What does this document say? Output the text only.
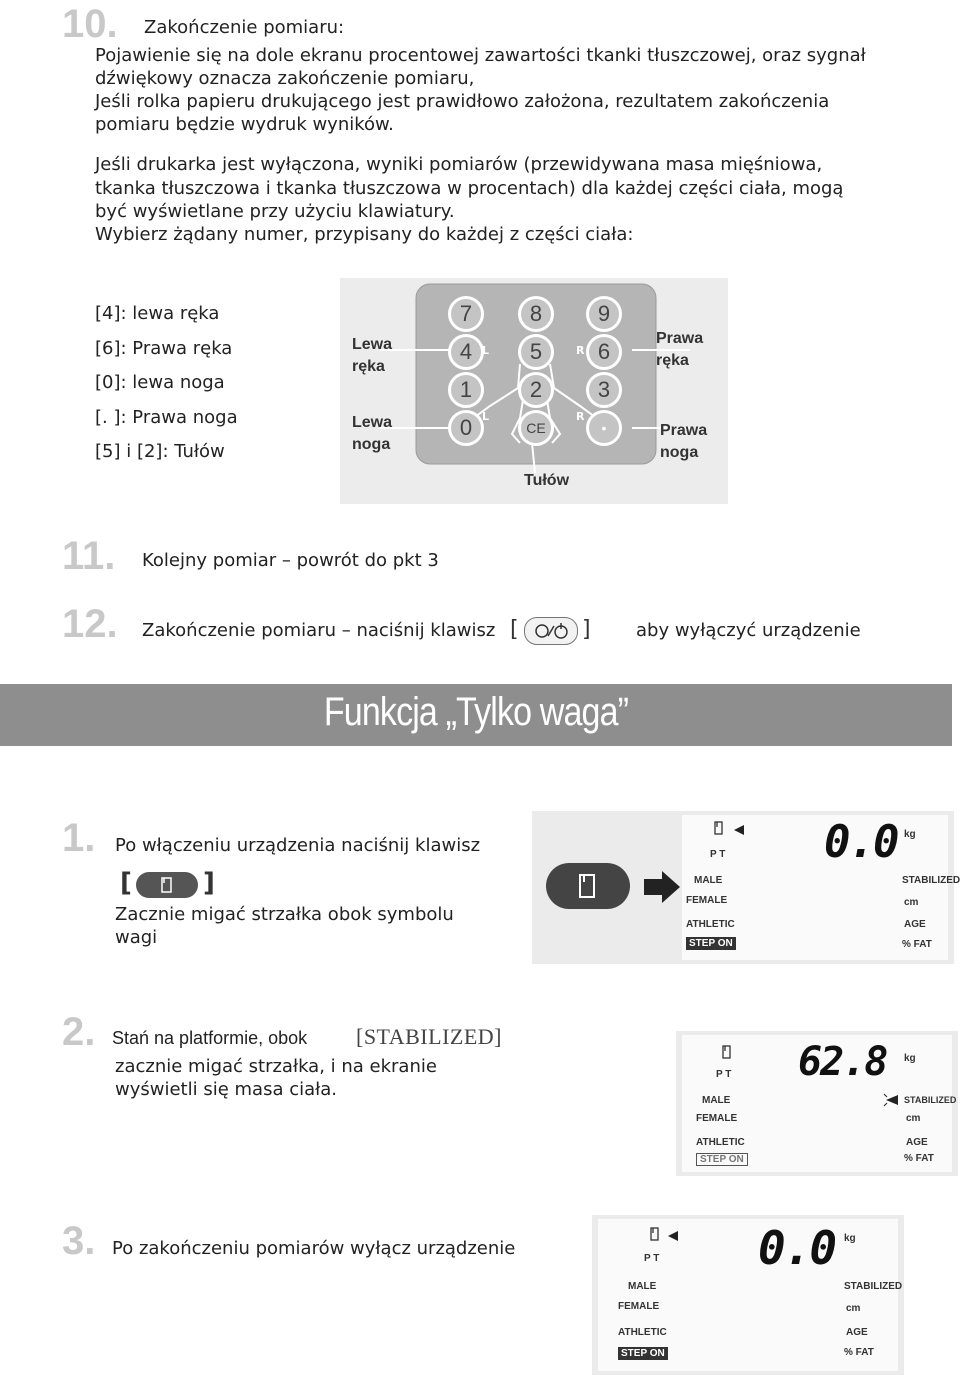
10. Zakończenie pomiaru:
Pojawienie się na dole ekranu procentowej zawartości tkanki tłuszczowej, oraz sygnał
dźwiękowy oznacza zakończenie pomiaru,
Jeśli rolka papieru drukującego jest prawidłowo założona, rezultatem zakończenia
pomiaru będzie wydruk wyników.
Jeśli drukarka jest wyłączona, wyniki pomiarów (przewidywana masa mięśniowa,
tkanka tłuszczowa i tkanka tłuszczowa w procentach) dla każdej części ciała, mogą
być wyświetlane przy użyciu klawiatury.
Wybierz żądany numer, przypisany do każdej z części ciała:
[4]: lewa ręka
[6]: Prawa ręka
[0]: lewa noga
[. ]: Prawa noga
[5] i [2]: Tułów
7	8	9
4	5	6
1	2	3
0	CE	•
L
L
R
R
Lewa
ręka
Prawa
ręka
Lewa
noga
Prawa
noga
Tułów
11. Kolejny pomiar – powrót do pkt 3
12. Zakończenie pomiaru – naciśnij klawisz [	]	aby wyłączyć urządzenie
Funkcja „Tylko waga”
1. Po włączeniu urządzenia naciśnij klawisz
[	]
Zacznie migać strzałka obok symbolu
wagi
P T 0.0 kg
MALE
FEMALE
ATHLETIC
STEP ON
STABILIZED
cm
AGE
% FAT
2. Stań na platformie, obok [STABILIZED]
zacznie migać strzałka, i na ekranie
wyświetli się masa ciała.
P T 62.8 kg
MALE
FEMALE
ATHLETIC
STEP ON
STABILIZED
cm
AGE
% FAT
3. Po zakończeniu pomiarów wyłącz urządzenie	P T 0.0 kg
MALE
FEMALE
ATHLETIC
STEP ON
STABILIZED
cm
AGE
% FAT
